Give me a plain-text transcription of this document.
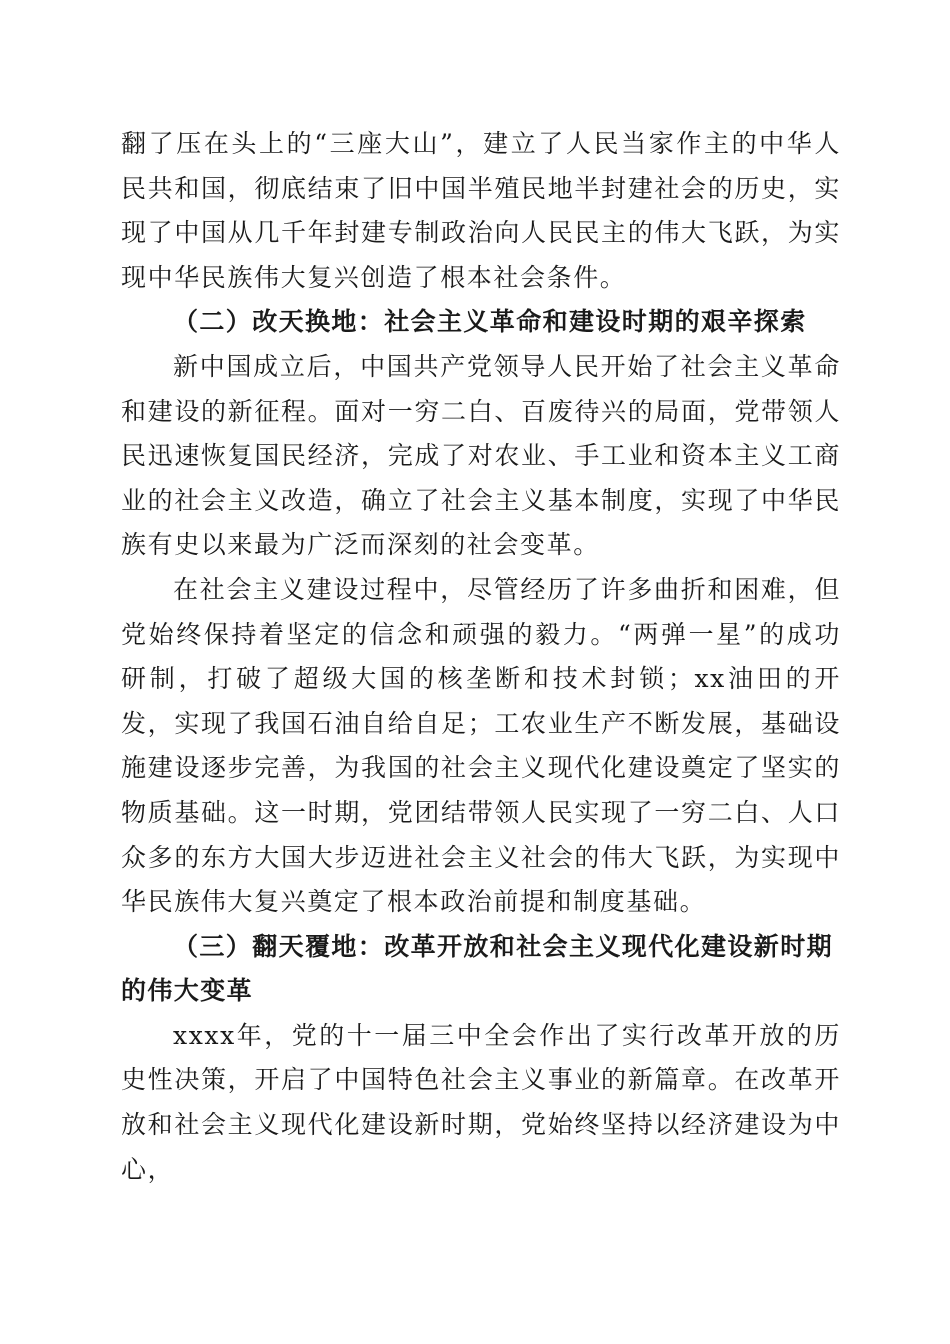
翻了压在头上的“三座大山”，建立了人民当家作主的中华人民共和国，彻底结束了旧中国半殖民地半封建社会的历史，实现了中国从几千年封建专制政治向人民民主的伟大飞跃，为实现中华民族伟大复兴创造了根本社会条件。

（二）改天换地：社会主义革命和建设时期的艰辛探索

新中国成立后，中国共产党领导人民开始了社会主义革命和建设的新征程。面对一穷二白、百废待兴的局面，党带领人民迅速恢复国民经济，完成了对农业、手工业和资本主义工商业的社会主义改造，确立了社会主义基本制度，实现了中华民族有史以来最为广泛而深刻的社会变革。

在社会主义建设过程中，尽管经历了许多曲折和困难，但党始终保持着坚定的信念和顽强的毅力。“两弹一星”的成功研制，打破了超级大国的核垄断和技术封锁；xx油田的开发，实现了我国石油自给自足；工农业生产不断发展，基础设施建设逐步完善，为我国的社会主义现代化建设奠定了坚实的物质基础。这一时期，党团结带领人民实现了一穷二白、人口众多的东方大国大步迈进社会主义社会的伟大飞跃，为实现中华民族伟大复兴奠定了根本政治前提和制度基础。

（三）翻天覆地：改革开放和社会主义现代化建设新时期的伟大变革

xxxx年，党的十一届三中全会作出了实行改革开放的历史性决策，开启了中国特色社会主义事业的新篇章。在改革开放和社会主义现代化建设新时期，党始终坚持以经济建设为中心，
